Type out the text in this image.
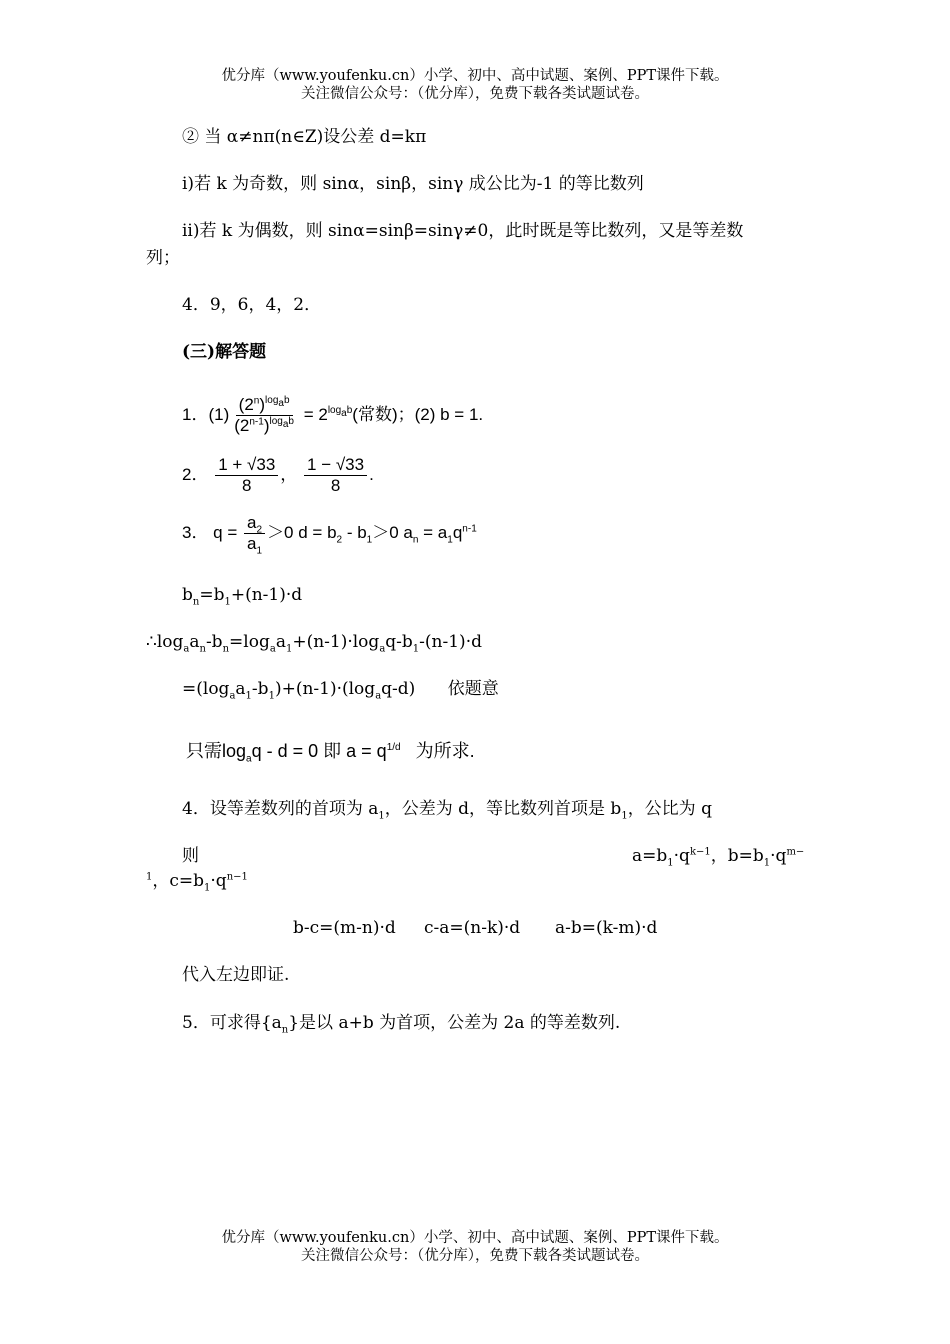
优分库（www.youfenku.cn）小学、初中、高中试题、案例、PPT课件下载。
关注微信公众号：（优分库），免费下载各类试题试卷。
② 当 α≠nπ(n∈Z)设公差 d=kπ
i)若 k 为奇数，则 sinα，sinβ，sinγ 成公比为-1 的等比数列
ii)若 k 为偶数，则 sinα=sinβ=sinγ≠0，此时既是等比数列，又是等差数
列；
4．9，6，4，2．
(三)解答题
1．$(1) \frac{(2^n)^{log_ab}}{(2^{n-1})^{log_ab}} = 2^{log_ab}$(常数)；(2) b = 1.
2． $\frac{1 + √33}{8}$ ， $\frac{1 - √33}{8}$ .
3． $q = \frac{a_2}{a_1} >0$ $d = b_2 - b_1>0$ $a_n = a_1q^{n-1}$
$b_n=b_1+(n-1)\cdot d$
$\therefore\log_aa_n-b_n=\log_aa_1+(n-1)\cdot\log_aq-b_1-(n-1)\cdot d$
$=(\log_aa_1-b_1)+(n-1)\cdot(\log_aq-d)$      依题意
只需$\log_aq - d = 0$ 即 $a = q^{1/d}$ 为所求.
4．设等差数列的首项为 $a_1$，公差为 d，等比数列首项是 $b_1$，公比为 q
则	$a=b_1\cdot q^{k-1}$，$b=b_1\cdot q^{m-}$
$^1$，$c=b_1\cdot q^{n-1}$
b-c=(m-n)·d c-a=(n-k)·d a-b=(k-m)·d
代入左边即证.
5．可求得$\{a_n\}$是以 a+b 为首项，公差为 2a 的等差数列.
优分库（www.youfenku.cn）小学、初中、高中试题、案例、PPT课件下载。
关注微信公众号：（优分库），免费下载各类试题试卷。
